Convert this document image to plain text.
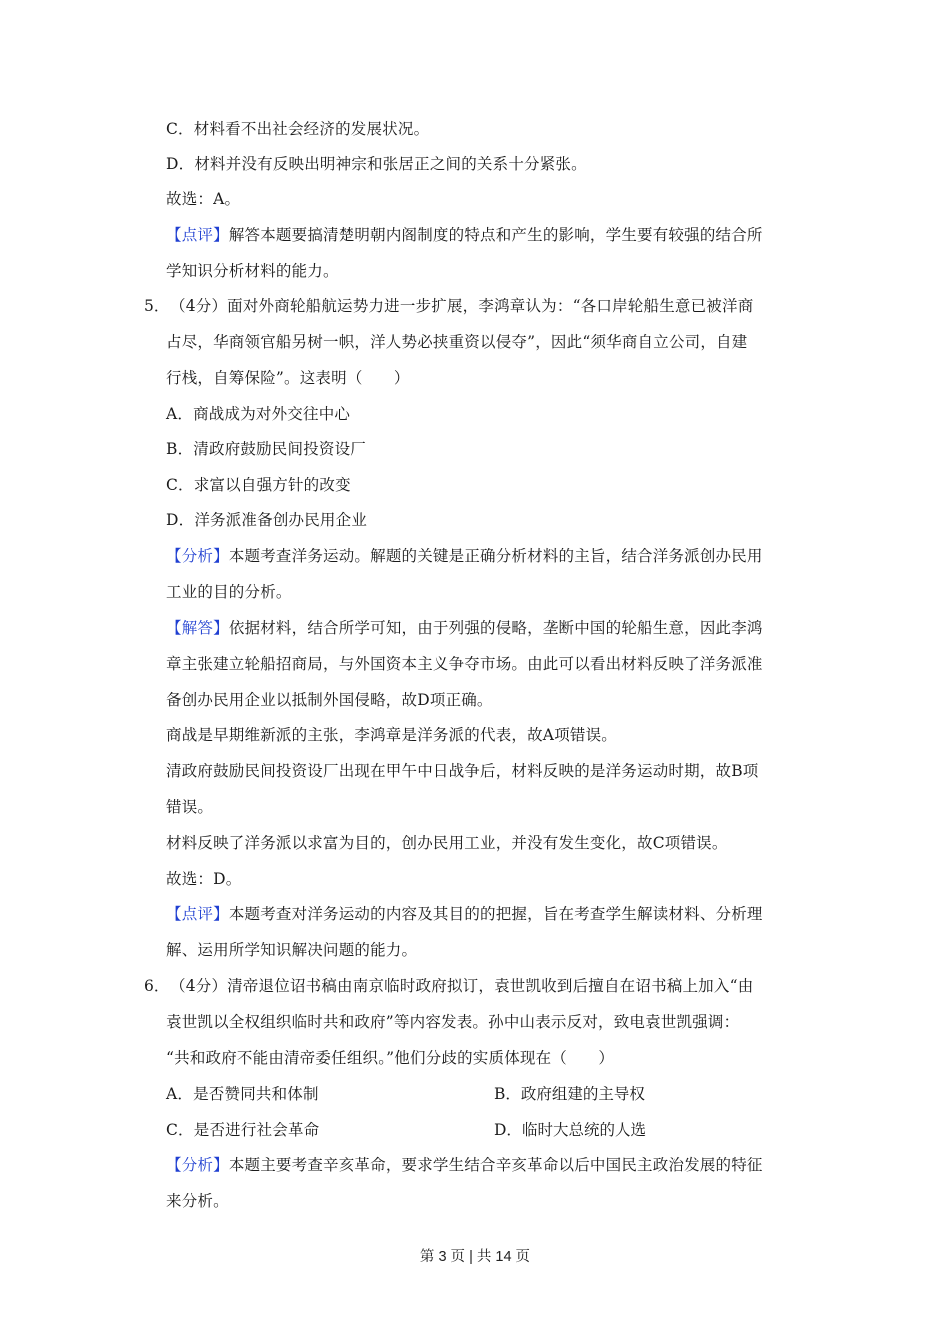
C．材料看不出社会经济的发展状况。
D．材料并没有反映出明神宗和张居正之间的关系十分紧张。
故选：A。
【点评】解答本题要搞清楚明朝内阁制度的特点和产生的影响，学生要有较强的结合所
学知识分析材料的能力。
5． （4分）面对外商轮船航运势力进一步扩展，李鸿章认为：“各口岸轮船生意已被洋商
占尽，华商领官船另树一帜，洋人势必挟重资以侵夺”，因此“须华商自立公司，自建
行栈，自筹保险”。这表明（　　）
A．商战成为对外交往中心
B．清政府鼓励民间投资设厂
C．求富以自强方针的改变
D．洋务派准备创办民用企业
【分析】本题考查洋务运动。解题的关键是正确分析材料的主旨，结合洋务派创办民用
工业的目的分析。
【解答】依据材料，结合所学可知，由于列强的侵略，垄断中国的轮船生意，因此李鸿
章主张建立轮船招商局，与外国资本主义争夺市场。由此可以看出材料反映了洋务派准
备创办民用企业以抵制外国侵略，故D项正确。
商战是早期维新派的主张，李鸿章是洋务派的代表，故A项错误。
清政府鼓励民间投资设厂出现在甲午中日战争后，材料反映的是洋务运动时期，故B项
错误。
材料反映了洋务派以求富为目的，创办民用工业，并没有发生变化，故C项错误。
故选：D。
【点评】本题考查对洋务运动的内容及其目的的把握，旨在考查学生解读材料、分析理
解、运用所学知识解决问题的能力。
6． （4分）清帝退位诏书稿由南京临时政府拟订，袁世凯收到后擅自在诏书稿上加入“由
袁世凯以全权组织临时共和政府”等内容发表。孙中山表示反对，致电袁世凯强调：
“共和政府不能由清帝委任组织。”他们分歧的实质体现在（　　）
A．是否赞同共和体制	B．政府组建的主导权
C．是否进行社会革命	D．临时大总统的人选
【分析】本题主要考查辛亥革命，要求学生结合辛亥革命以后中国民主政治发展的特征
来分析。
第 3 页 | 共 14 页
